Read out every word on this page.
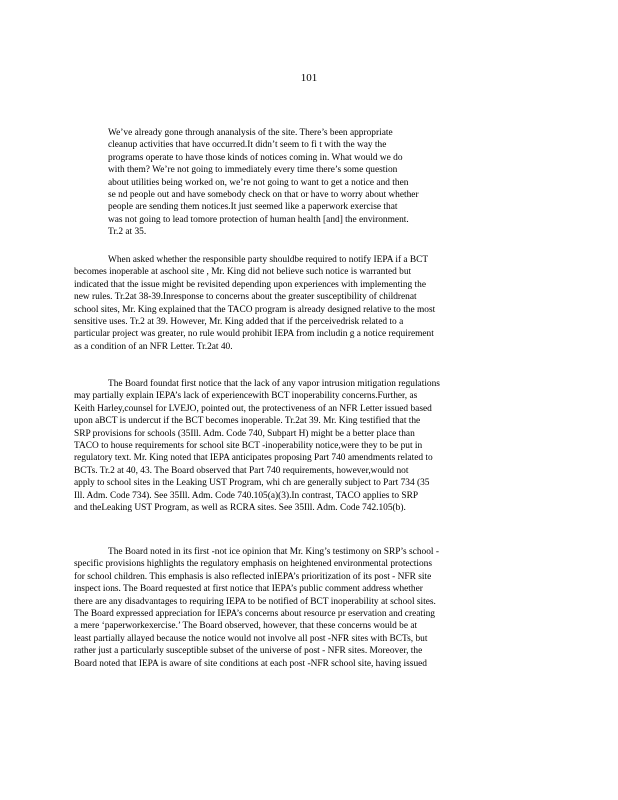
101
We’ve already gone through ananalysis of the site. There’s been appropriate
cleanup activities that have occurred.It didn’t seem to fi t with the way the
programs operate to have those kinds of notices coming in. What would we do
with them? We’re not going to immediately every time there’s some question
about utilities being worked on, we’re not going to want to get a notice and then
se nd people out and have somebody check on that or have to worry about whether
people are sending them notices.It just seemed like a paperwork exercise that
was not going to lead tomore protection of human health [and] the environment.
Tr.2 at 35.
When asked whether the responsible party shouldbe required to notify IEPA if a BCT
becomes inoperable at aschool site , Mr. King did not believe such notice is warranted but
indicated that the issue might be revisited depending upon experiences with implementing the
new rules. Tr.2at 38-39.Inresponse to concerns about the greater susceptibility of childrenat
school sites, Mr. King explained that the TACO program is already designed relative to the most
sensitive uses. Tr.2 at 39. However, Mr. King added that if the perceivedrisk related to a
particular project was greater, no rule would prohibit IEPA from includin g a notice requirement
as a condition of an NFR Letter. Tr.2at 40.
The Board foundat first notice that the lack of any vapor intrusion mitigation regulations
may partially explain IEPA’s lack of experiencewith BCT inoperability concerns.Further, as
Keith Harley,counsel for LVEJO, pointed out, the protectiveness of an NFR Letter issued based
upon aBCT is undercut if the BCT becomes inoperable. Tr.2at 39. Mr. King testified that the
SRP provisions for schools (35Ill. Adm. Code 740, Subpart H) might be a better place than
TACO to house requirements for school site BCT -inoperability notice,were they to be put in
regulatory text. Mr. King noted that IEPA anticipates proposing Part 740 amendments related to
BCTs. Tr.2 at 40, 43. The Board observed that Part 740 requirements, however,would not
apply to school sites in the Leaking UST Program, whi ch are generally subject to Part 734 (35
Ill. Adm. Code 734). See 35Ill. Adm. Code 740.105(a)(3).In contrast, TACO applies to SRP
and theLeaking UST Program, as well as RCRA sites. See 35Ill. Adm. Code 742.105(b).
The Board noted in its first -not ice opinion that Mr. King’s testimony on SRP’s school -
specific provisions highlights the regulatory emphasis on heightened environmental protections
for school children. This emphasis is also reflected inIEPA’s prioritization of its post - NFR site
inspect ions. The Board requested at first notice that IEPA’s public comment address whether
there are any disadvantages to requiring IEPA to be notified of BCT inoperability at school sites.
The Board expressed appreciation for IEPA’s concerns about resource pr eservation and creating
a mere ‘paperworkexercise.’ The Board observed, however, that these concerns would be at
least partially allayed because the notice would not involve all post -NFR sites with BCTs, but
rather just a particularly susceptible subset of the universe of post - NFR sites. Moreover, the
Board noted that IEPA is aware of site conditions at each post -NFR school site, having issued
